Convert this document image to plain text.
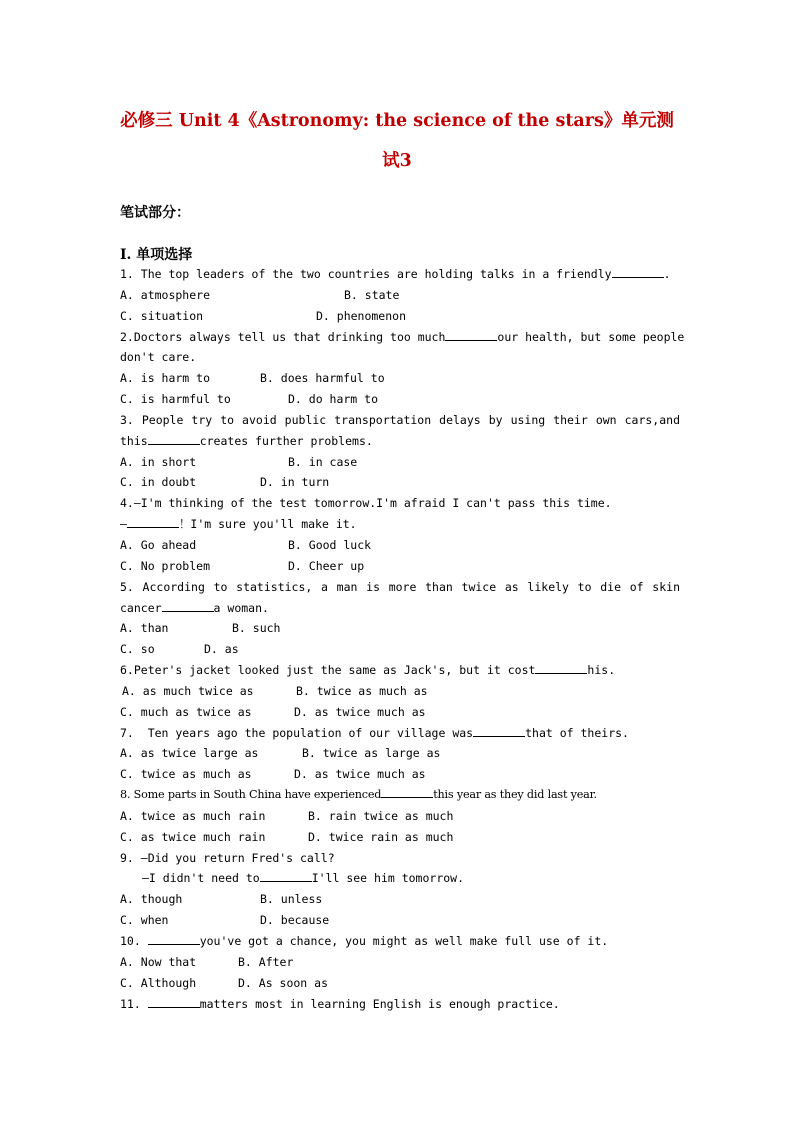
必修三 Unit 4《Astronomy: the science of the stars》单元测
试3
笔试部分：
I. 单项选择
1. The top leaders of the two countries are holding talks in a friendly	.
A. atmosphere	B. state
C. situation	D. phenomenon
2.Doctors always tell us that drinking too much	our health, but some people
don't care.
A. is harm to	B. does harmful to
C. is harmful to	D. do harm to
3. People try to avoid public transportation delays by using their own cars,and
this	creates further problems.
A. in short	B. in case
C. in doubt	D. in turn
4.—I'm thinking of the test tomorrow.I'm afraid I can't pass this time.
—	！I'm sure you'll make it.
A. Go ahead	B. Good luck
C. No problem	D. Cheer up
5. According to statistics, a man is more than twice as likely to die of skin
cancer	a woman.
A. than	B. such
C. so	D. as
6.Peter's jacket looked just the same as Jack's, but it cost	his.
A. as much twice as	B. twice as much as
C. much as twice as	D. as twice much as
7.  Ten years ago the population of our village was	that of theirs.
A. as twice large as	B. twice as large as
C. twice as much as	D. as twice much as
8. Some parts in South China have experienced	this year as they did last year.
A. twice as much rain	B. rain twice as much
C. as twice much rain	D. twice rain as much
9. —Did you return Fred's call?
—I didn't need to	I'll see him tomorrow.
A. though	B. unless
C. when	D. because
10.	you've got a chance, you might as well make full use of it.
A. Now that	B. After
C. Although	D. As soon as
11.	matters most in learning English is enough practice.
